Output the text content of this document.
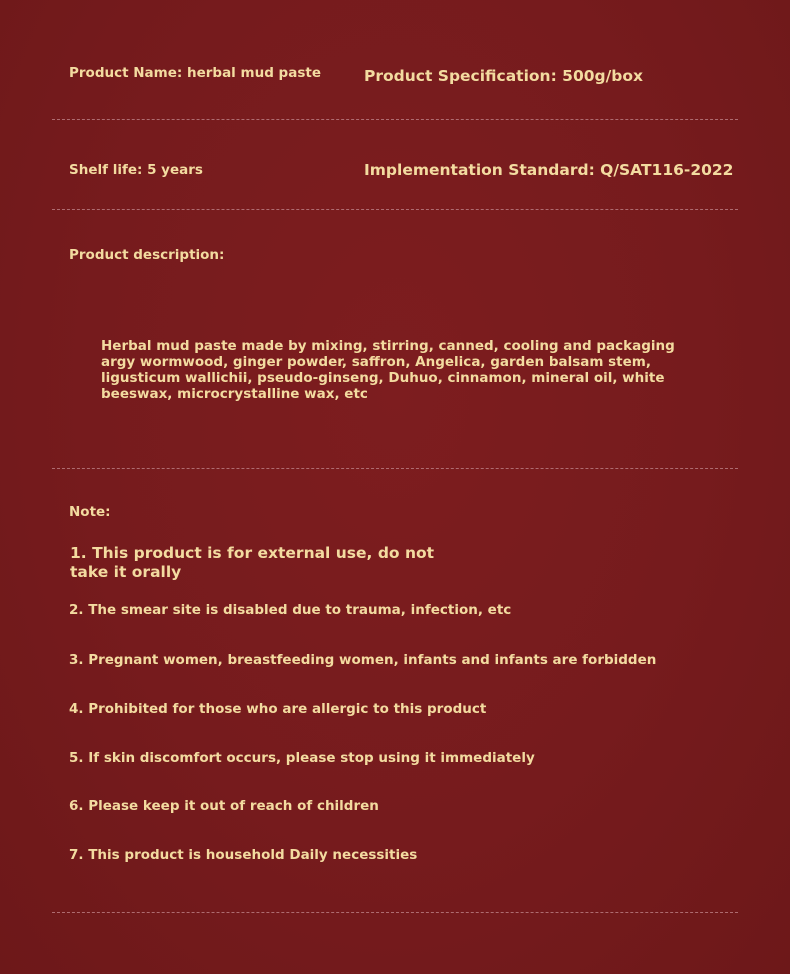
Product Name: herbal mud paste	Product Specification: 500g/box

Shelf life: 5 years	Implementation Standard: Q/SAT116-2022

Product description:

Herbal mud paste made by mixing, stirring, canned, cooling and packaging argy wormwood, ginger powder, saffron, Angelica, garden balsam stem, ligusticum wallichii, pseudo-ginseng, Duhuo, cinnamon, mineral oil, white beeswax, microcrystalline wax, etc

Note:

1. This product is for external use, do not take it orally

2. The smear site is disabled due to trauma, infection, etc

3. Pregnant women, breastfeeding women, infants and infants are forbidden

4. Prohibited for those who are allergic to this product

5. If skin discomfort occurs, please stop using it immediately

6. Please keep it out of reach of children

7. This product is household Daily necessities
